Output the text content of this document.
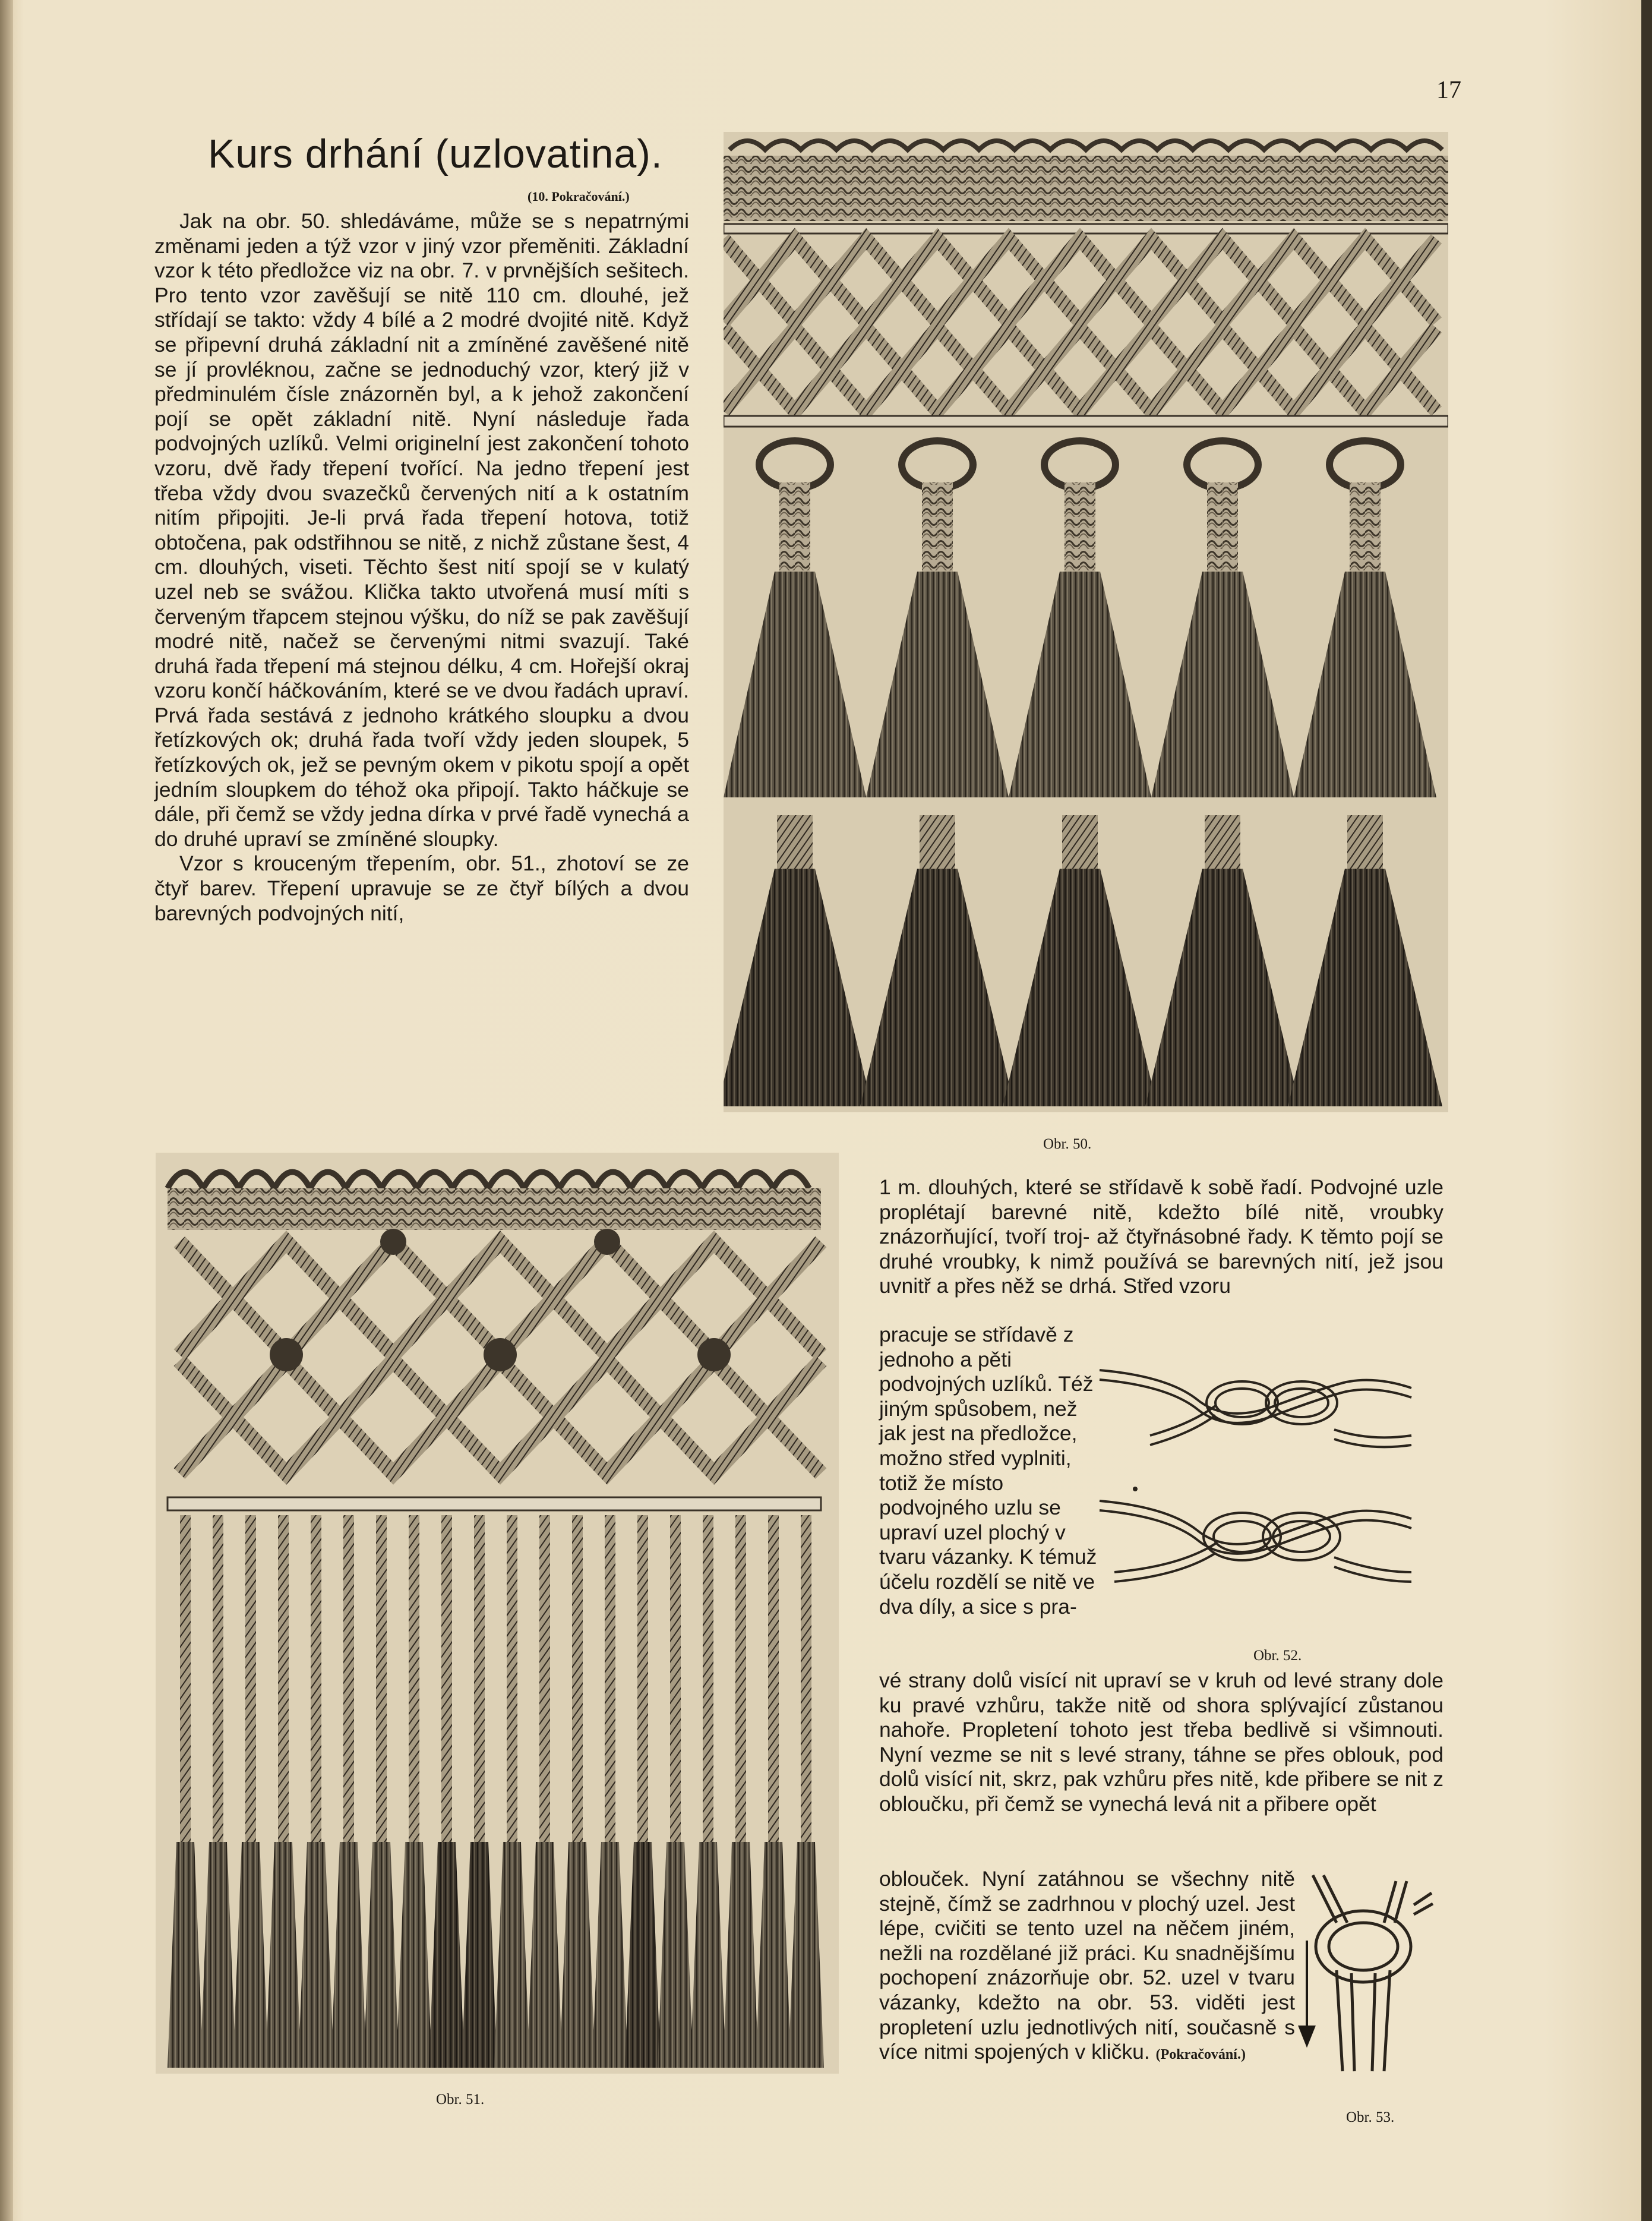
17
Kurs drhání (uzlovatina).
(10. Pokračování.)

Jak na obr. 50. shledáváme, může se s nepatrnými změnami jeden a týž vzor v jiný vzor přeměniti. Základní vzor k této předložce viz na obr. 7. v prvnějších sešitech. Pro tento vzor zavěšují se nitě 110 cm. dlouhé, jež střídají se takto: vždy 4 bílé a 2 modré dvojité nitě. Když se připevní druhá základní nit a zmíněné zavěšené nitě se jí provléknou, začne se jednoduchý vzor, který již v předminulém čísle znázorněn byl, a k jehož zakončení pojí se opět základní nitě. Nyní následuje řada podvojných uzlíků. Velmi originelní jest zakončení tohoto vzoru, dvě řady třepení tvořící. Na jedno třepení jest třeba vždy dvou svazečků červených nití a k ostatním nitím připojiti. Je-li prvá řada třepení hotova, totiž obtočena, pak odstřihnou se nitě, z nichž zůstane šest, 4 cm. dlouhých, viseti. Těchto šest nití spojí se v kulatý uzel neb se svážou. Klička takto utvořená musí míti s červeným třapcem stejnou výšku, do níž se pak zavěšují modré nitě, načež se červenými nitmi svazují. Také druhá řada třepení má stejnou délku, 4 cm. Hořejší okraj vzoru končí háčkováním, které se ve dvou řadách upraví. Prvá řada sestává z jednoho krátkého sloupku a dvou řetízkových ok; druhá řada tvoří vždy jeden sloupek, 5 řetízkových ok, jež se pevným okem v pikotu spojí a opět jedním sloupkem do téhož oka připojí. Takto háčkuje se dále, při čemž se vždy jedna dírka v prvé řadě vynechá a do druhé upraví se zmíněné sloupky.

Vzor s krouceným třepením, obr. 51., zhotoví se ze čtyř barev. Třepení upravuje se ze čtyř bílých a dvou barevných podvojných nití,

Obr. 50.
Obr. 51.
1 m. dlouhých, které se střídavě k sobě řadí. Podvojné uzle proplétají barevné nitě, kdežto bílé nitě, vroubky znázorňující, tvoří troj- až čtyřnásobné řady. K těmto pojí se druhé vroubky, k nimž používá se barevných nití, jež jsou uvnitř a přes něž se drhá. Střed vzoru
pracuje se střídavě z jednoho a pěti podvojných uzlíků. Též jiným spůsobem, než jak jest na předložce, možno střed vyplniti, totiž že místo podvojného uzlu se upraví uzel plochý v tvaru vázanky. K témuž účelu rozdělí se nitě ve dva díly, a sice s pra-
Obr. 52.
vé strany dolů visící nit upraví se v kruh od levé strany dole ku pravé vzhůru, takže nitě od shora splývající zůstanou nahoře. Propletení tohoto jest třeba bedlivě si všimnouti. Nyní vezme se nit s levé strany, táhne se přes oblouk, pod dolů visící nit, skrz, pak vzhůru přes nitě, kde přibere se nit z obloučku, při čemž se vynechá levá nit a přibere opět
oblouček. Nyní zatáhnou se všechny nitě stejně, čímž se zadrhnou v plochý uzel. Jest lépe, cvičiti se tento uzel na něčem jiném, nežli na rozdělané již práci. Ku snadnějšímu pochopení znázorňuje obr. 52. uzel v tvaru vázanky, kdežto na obr. 53. viděti jest propletení uzlu jednotlivých nití, současně s více nitmi spojených v kličku. (Pokračování.)
Obr. 53.
